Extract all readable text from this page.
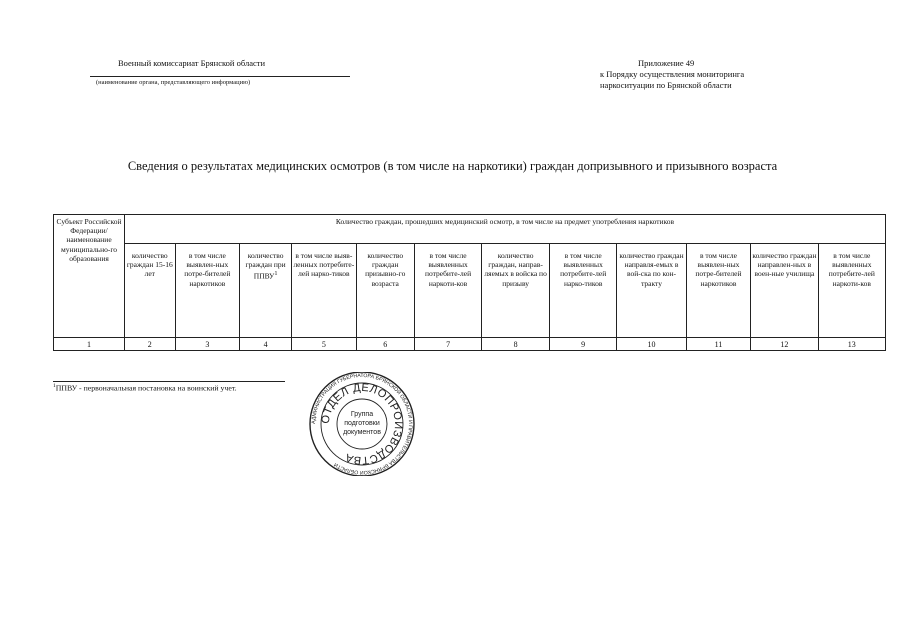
Военный комиссариат Брянской области
(наименование органа, представляющего информацию)
Приложение 49
к Порядку осуществления мониторинга
наркоситуации по Брянской области
Сведения о результатах медицинских осмотров (в том числе на наркотики) граждан допризывного и призывного возраста
Субъект Российской Федерации/ наименование муниципально-го образования	Количество граждан, прошедших медицинский осмотр, в том числе на предмет употребления наркотиков											
	количество граждан 15-16 лет	в том числе выявлен-ных потре-бителей наркотиков	количество граждан при ППВУ$^1$	в том числе выяв-ленных потребите-лей нарко-тиков	количество граждан призывно-го возраста	в том числе выявленных потребите-лей наркоти-ков	количество граждан, направ-ляемых в войска по призыву	в том числе выявленных потребите-лей нарко-тиков	количество граждан направля-емых в вой-ска по кон-тракту	в том числе выявлен-ных потре-бителей наркотиков	количество граждан направлен-ных в воен-ные училища	в том числе выявленных потребите-лей наркоти-ков
1	2	3	4	5	6	7	8	9	10	11	12	13
$^1$ППВУ - первоначальная постановка на воинский учет.
АДМИНИСТРАЦИЯ ГУБЕРНАТОРА БРЯНСКОЙ ОБЛАСТИ И ПРАВИТЕЛЬСТВА БРЯНСКОЙ ОБЛАСТИ
ОТДЕЛ ДЕЛОПРОИЗВОДСТВА
Группа
подготовки
документов
